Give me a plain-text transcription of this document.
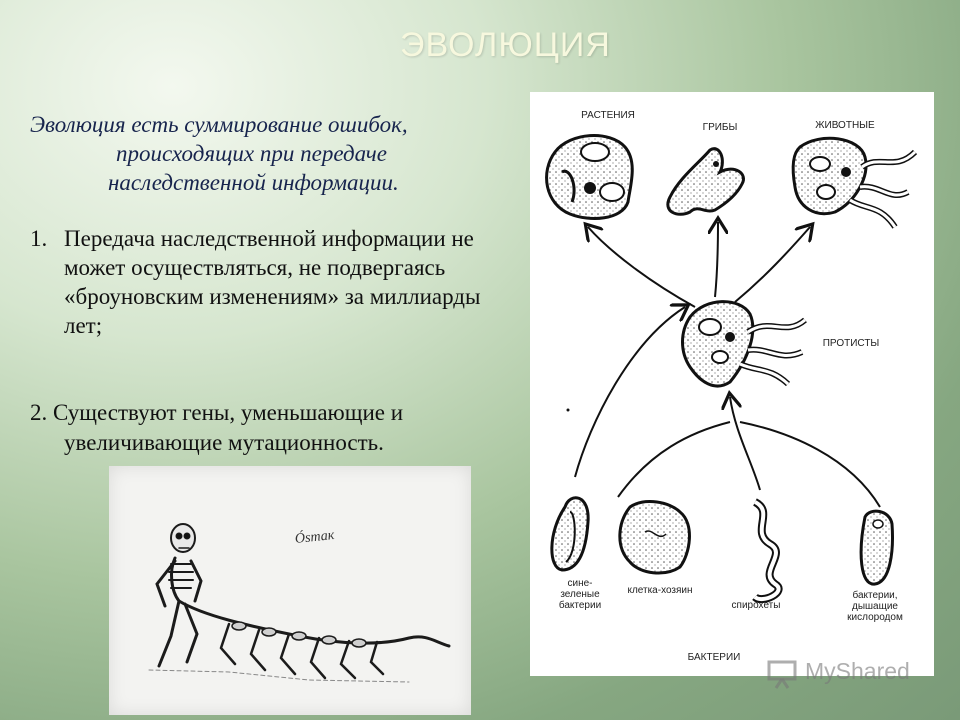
ЭВОЛЮЦИЯ
Эволюция есть суммирование ошибок,
происходящих при передаче
наследственной информации.
1. Передача наследственной информации не может осуществляться, не подвергаясь «броуновским изменениям» за миллиарды лет;
2. Существуют гены, уменьшающие и
увеличивающие мутационность.
РАСТЕНИЯ
ГРИБЫ	ЖИВОТНЫЕ
ПРОТИСТЫ
сине-зеленые бактерии
клетка-хозяин
спирохеты
бактерии, дышащие кислородом
БАКТЕРИИ
Óѕтак
MyShared
